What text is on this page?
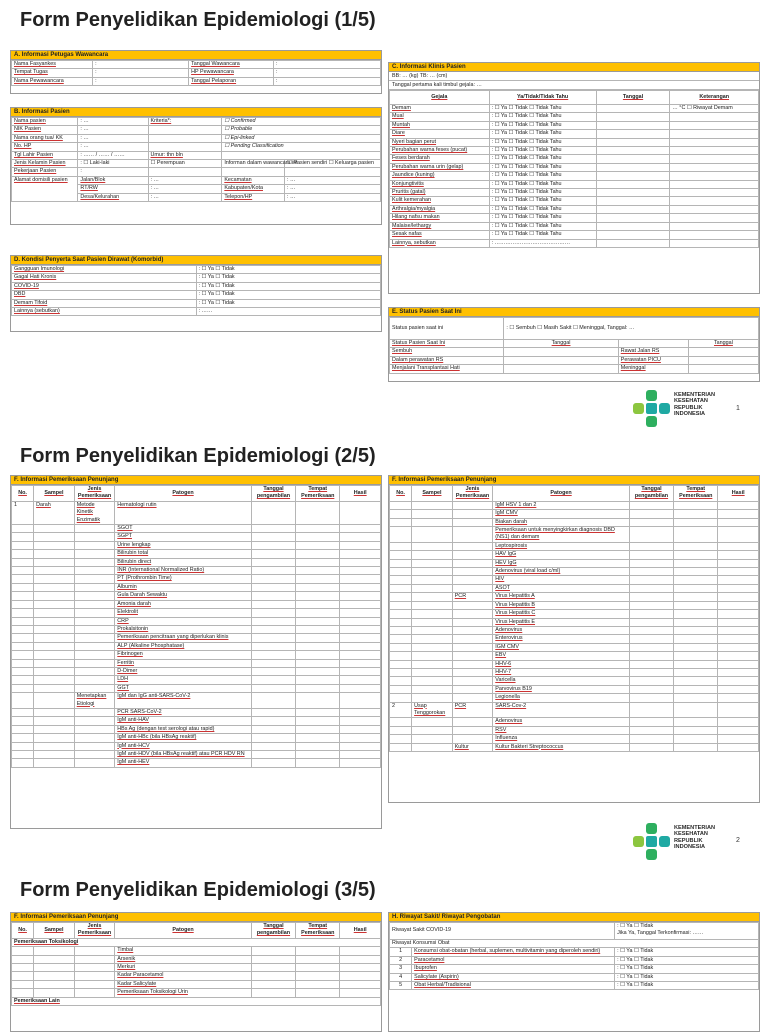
Form Penyelidikan Epidemiologi (1/5)
A. Informasi Petugas Wawancara
Nama Fasyankes	:	Tanggal Wawancara	:
Tempat Tugas	:	HP Pewawancara	:
Nama Pewawancara	:	Tanggal Pelaporan	:
B. Informasi Pasien
Nama pasien	: …	Kriteria*:	☐ Confirmed	
NIK Pasien	: …		☐ Probable	
Nama orang tua/ KK	: …		☐ Epi-linked	
No. HP	: …		☐ Pending Classification	
Tgl Lahir Pasien	: …… / …… / ……	Umur: thn bln		
Jenis Kelamin Pasien	: ☐ Laki-laki	☐ Perempuan	Informan dalam wawancara ini	☐ Pasien sendiri ☐ Keluarga pasien
Pekerjaan Pasien	:			
Alamat domisili pasien	Jalan/Blok	: …	Kecamatan	: …
	RT/RW	: …	Kabupaten/Kota	: …
	Desa/Kelurahan	: …	Telepon/HP	: …
D. Kondisi Penyerta Saat Pasien Dirawat (Komorbid)
Gangguan Imunologi	: ☐ Ya ☐ Tidak
Gagal Hati Kronis	: ☐ Ya ☐ Tidak
COVID-19	: ☐ Ya ☐ Tidak
DBD	: ☐ Ya ☐ Tidak
Demam Tifoid	: ☐ Ya ☐ Tidak
Lainnya (sebutkan)	: ……
C. Informasi Klinis Pasien
BB: … (kg) TB: … (cm)
Tanggal pertama kali timbul gejala: …
Gejala	Ya/Tidak/Tidak Tahu	Tanggal	Keterangan
Demam	: ☐ Ya ☐ Tidak ☐ Tidak Tahu		… °C ☐ Riwayat Demam
Mual	: ☐ Ya ☐ Tidak ☐ Tidak Tahu		
Muntah	: ☐ Ya ☐ Tidak ☐ Tidak Tahu		
Diare	: ☐ Ya ☐ Tidak ☐ Tidak Tahu		
Nyeri bagian perut	: ☐ Ya ☐ Tidak ☐ Tidak Tahu		
Perubahan warna feses (pucat)	: ☐ Ya ☐ Tidak ☐ Tidak Tahu		
Feses berdarah	: ☐ Ya ☐ Tidak ☐ Tidak Tahu		
Perubahan warna urin (gelap)	: ☐ Ya ☐ Tidak ☐ Tidak Tahu		
Jaundice (kuning)	: ☐ Ya ☐ Tidak ☐ Tidak Tahu		
Konjungtivitis	: ☐ Ya ☐ Tidak ☐ Tidak Tahu		
Pruritis (gatal)	: ☐ Ya ☐ Tidak ☐ Tidak Tahu		
Kulit kemerahan	: ☐ Ya ☐ Tidak ☐ Tidak Tahu		
Arthralgia/myalgia	: ☐ Ya ☐ Tidak ☐ Tidak Tahu		
Hilang nafsu makan	: ☐ Ya ☐ Tidak ☐ Tidak Tahu		
Malaise/lethargy	: ☐ Ya ☐ Tidak ☐ Tidak Tahu		
Sesak nafas	: ☐ Ya ☐ Tidak ☐ Tidak Tahu		
Lainnya, sebutkan	: ……………………………………		
E. Status Pasien Saat Ini
Status pasien saat ini	: ☐ Sembuh ☐ Masih Sakit ☐ Meninggal, Tanggal: …		
Status Pasien Saat Ini	Tanggal		Tanggal
Sembuh		Rawat Jalan RS	
Dalam perawatan RS		Perawatan PICU	
Menjalani Transplantasi Hati		Meninggal	
KEMENTERIAN
KESEHATAN
REPUBLIK
INDONESIA
1
Form Penyelidikan Epidemiologi (2/5)
F. Informasi Pemeriksaan Penunjang
No.	Sampel	Jenis Pemeriksaan	Patogen	Tanggal pengambilan	Tempat Pemeriksaan	Hasil
1	Darah	Metode Kinetik Enzimatik	Hematologi rutin			
			SGOT			
			SGPT			
			Urine lengkap			
			Bilirubin total			
			Bilirubin direct			
			INR (International Normalized Ratio)			
			PT (Prothrombin Time)			
			Albumin			
			Gula Darah Sewaktu			
			Amonia darah			
			Elektrolit			
			CRP			
			Prokalsitonin			
			Pemeriksaan pencitraan yang diperlukan klinis			
			ALP (Alkaline Phosphatase)			
			Fibrinogen			
			Ferritin			
			D-Dimer			
			LDH			
			GGT			
		Menetapkan Etiologi	IgM dan IgG anti-SARS-CoV-2			
			PCR SARS-CoV-2			
			IgM anti-HAV			
			HBs Ag (dengan test serologi atau rapid)			
			IgM anti-HBc (bila HBsAg reaktif)			
			IgM anti-HCV			
			IgM anti-HDV (bila HBsAg reaktif) atau PCR HDV RN			
			IgM anti-HEV			
F. Informasi Pemeriksaan Penunjang
No.	Sampel	Jenis Pemeriksaan	Patogen	Tanggal pengambilan	Tempat Pemeriksaan	Hasil
			IgM HSV 1 dan 2			
			IgM CMV			
			Biakan darah			
			Pemeriksaan untuk menyingkirkan diagnosis DBD (NS1) dan demam			
			Leptospirosis			
			HAV IgG			
			HEV IgG			
			Adenovirus (viral load c/ml)			
			HIV			
			ASOT			
		PCR	Virus Hepatitis A			
			Virus Hepatitis B			
			Virus Hepatitis C			
			Virus Hepatitis E			
			Adenovirus			
			Enterovirus			
			IGM CMV			
			EBV			
			HHV-6			
			HHV-7			
			Varicella			
			Parvovirus B19			
			Legionella			
2	Usap Tenggorokan	PCR	SARS-Cov-2			
			Adenovirus			
			RSV			
			Influenza			
		Kultur	Kultur Bakteri Streptococcus			
KEMENTERIAN
KESEHATAN
REPUBLIK
INDONESIA
2
Form Penyelidikan Epidemiologi (3/5)
F. Informasi Pemeriksaan Penunjang
No.	Sampel	Jenis Pemeriksaan	Patogen	Tanggal pengambilan	Tempat Pemeriksaan	Hasil
Pemeriksaan Toksikologi						
			Timbal			
			Arsenik			
			Merkuri			
			Kadar Paracetamol			
			Kadar Salicylate			
			Pemeriksaan Toksikologi Urin			
Pemeriksaan Lain						
H. Riwayat Sakit/ Riwayat Pengobatan
Riwayat Sakit COVID-19		: ☐ Ya ☐ Tidak
Jika Ya, Tanggal Terkonfirmasi: ……

Riwayat Konsumsi Obat		
1	Konsumsi obat-obatan (herbal, suplemen, multivitamin yang diperoleh sendiri)	: ☐ Ya ☐ Tidak
2	Paracetamol	: ☐ Ya ☐ Tidak
3	Ibuprofen	: ☐ Ya ☐ Tidak
4	Salicylate (Aspirin)	: ☐ Ya ☐ Tidak
5	Obat Herbal/Tradisional	: ☐ Ya ☐ Tidak
